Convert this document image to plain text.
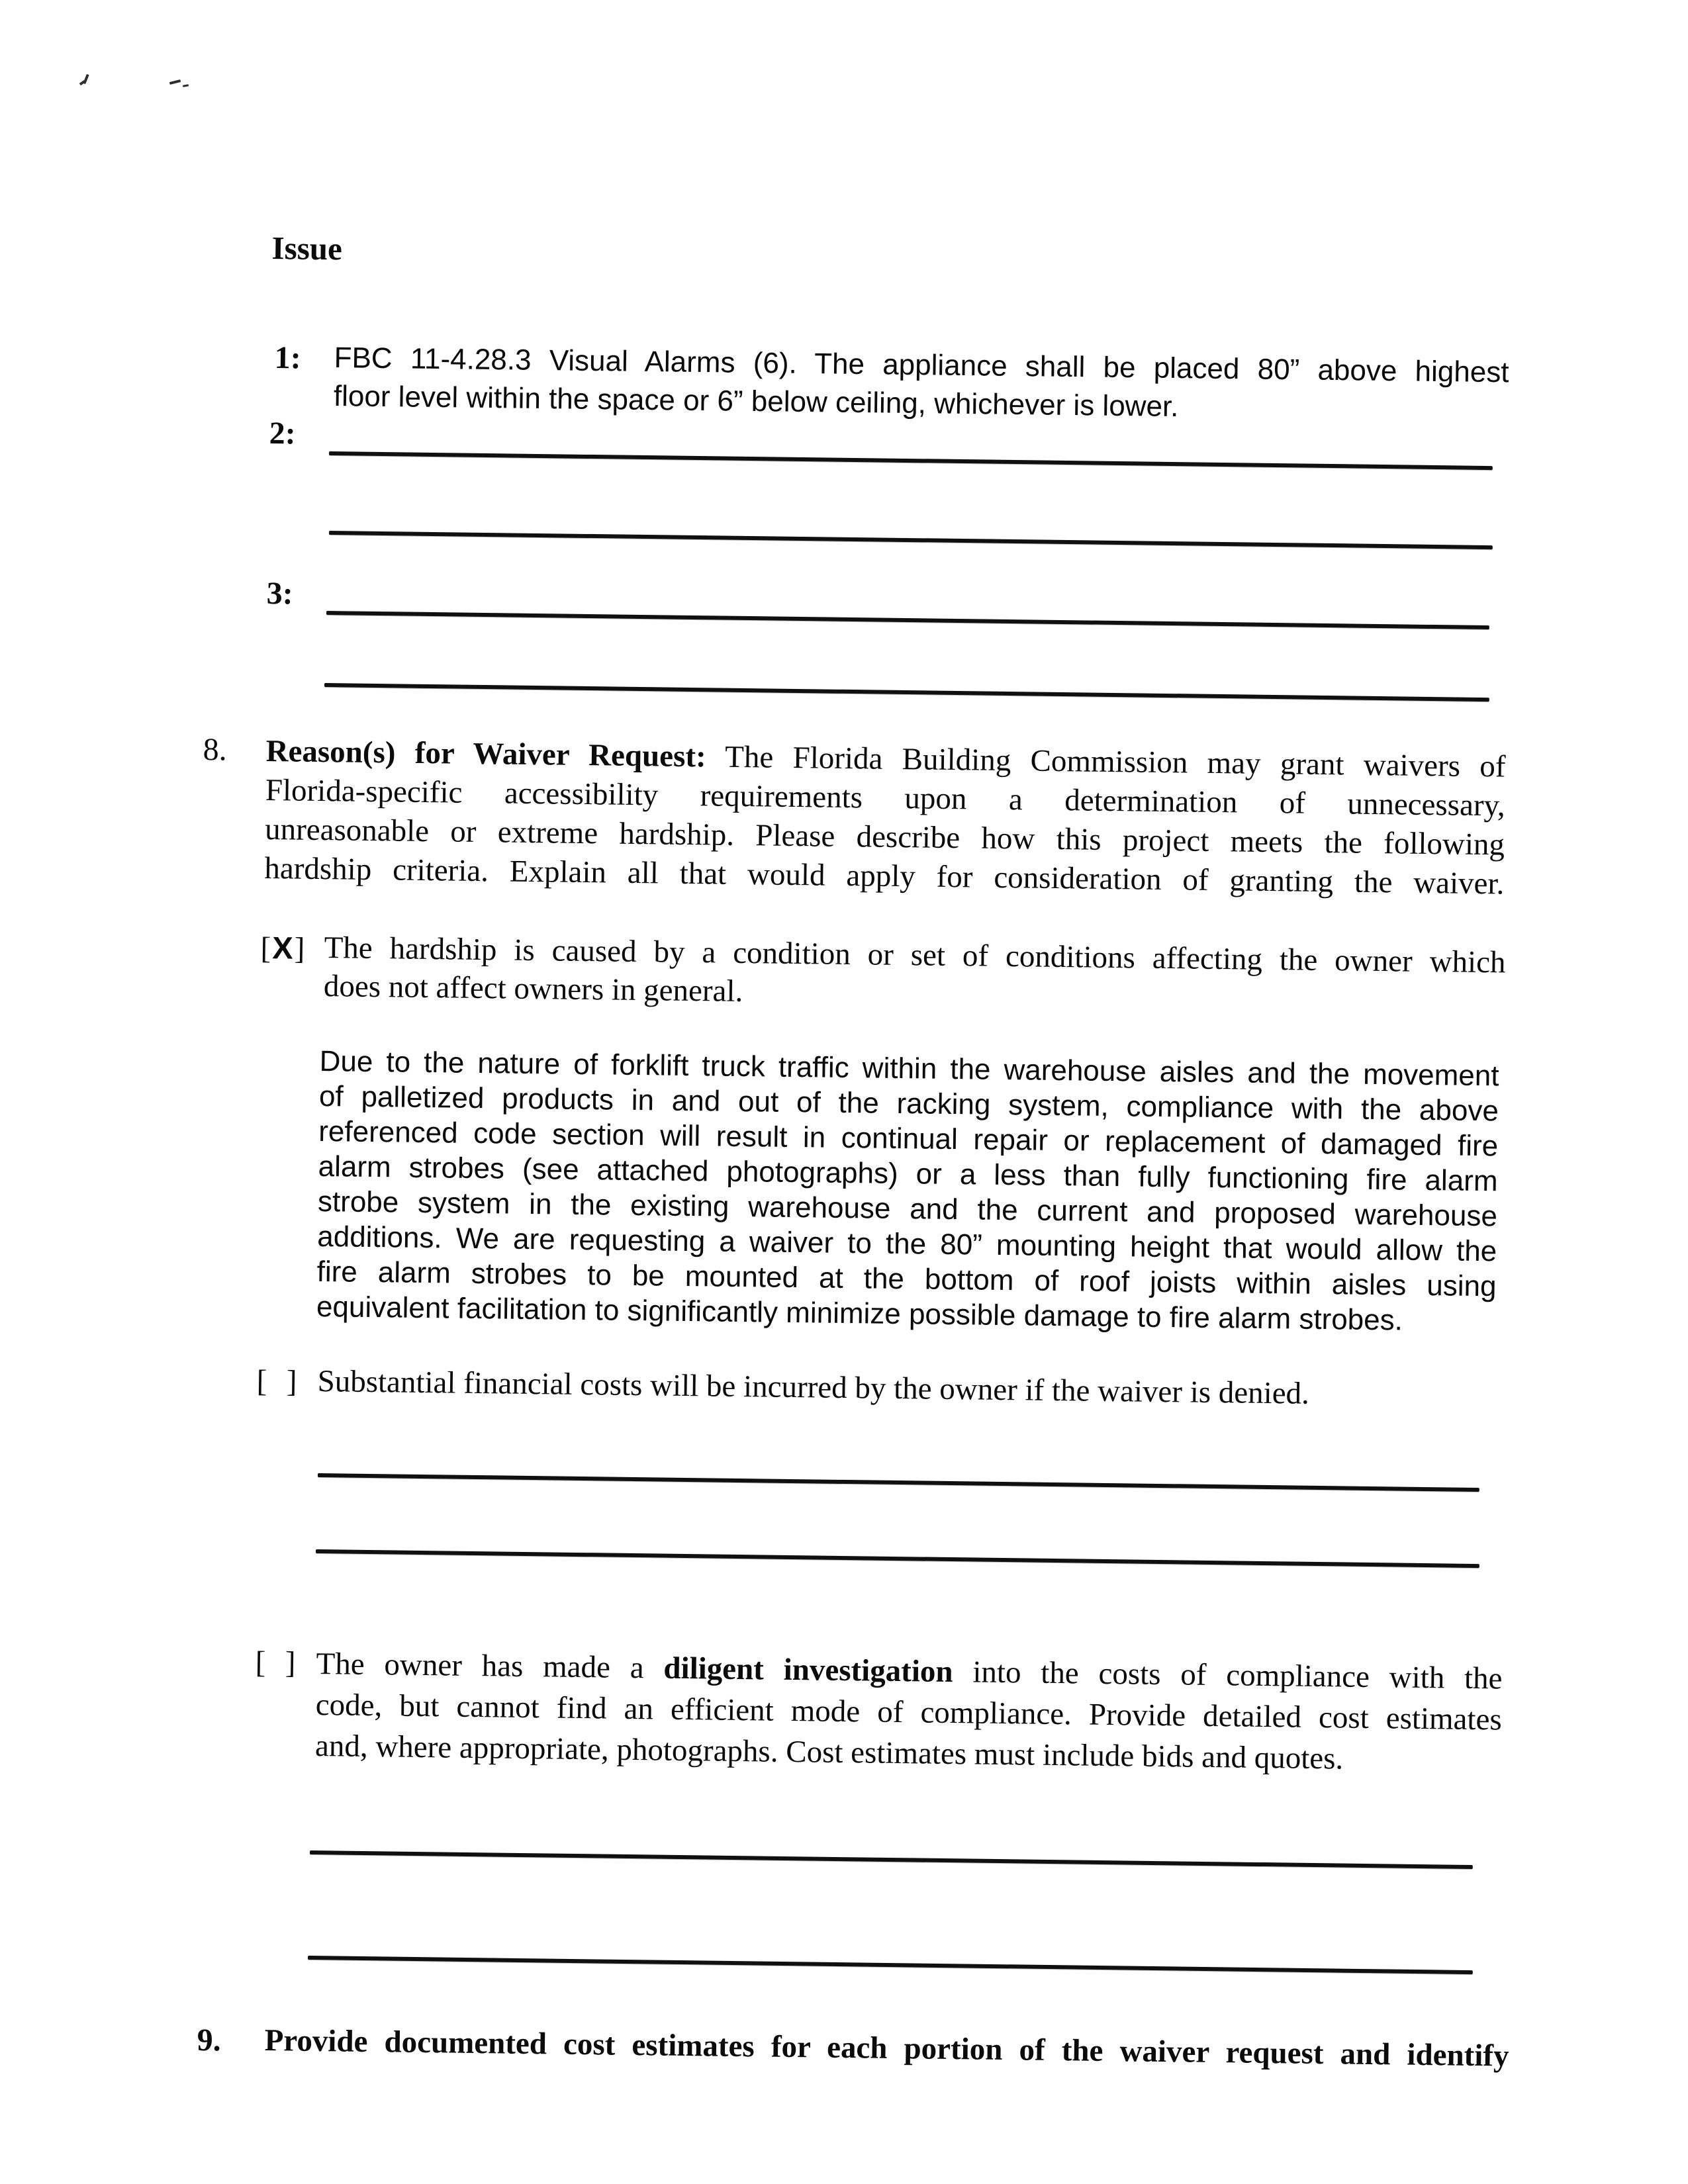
Issue
1: FBC 11-4.28.3 Visual Alarms (6). The appliance shall be placed 80” above highest
floor level within the space or 6” below ceiling, whichever is lower.
2:
3:
8. Reason(s) for Waiver Request: The Florida Building Commission may grant waivers of
Florida-specific accessibility requirements upon a determination of unnecessary,
unreasonable or extreme hardship. Please describe how this project meets the following
hardship criteria. Explain all that would apply for consideration of granting the waiver.
[X] The hardship is caused by a condition or set of conditions affecting the owner which
does not affect owners in general.
Due to the nature of forklift truck traffic within the warehouse aisles and the movement
of palletized products in and out of the racking system, compliance with the above
referenced code section will result in continual repair or replacement of damaged fire
alarm strobes (see attached photographs) or a less than fully functioning fire alarm
strobe system in the existing warehouse and the current and proposed warehouse
additions. We are requesting a waiver to the 80” mounting height that would allow the
fire alarm strobes to be mounted at the bottom of roof joists within aisles using
equivalent facilitation to significantly minimize possible damage to fire alarm strobes.
[  ] Substantial financial costs will be incurred by the owner if the waiver is denied.
[  ] The owner has made a diligent investigation into the costs of compliance with the
code, but cannot find an efficient mode of compliance. Provide detailed cost estimates
and, where appropriate, photographs. Cost estimates must include bids and quotes.
9. Provide documented cost estimates for each portion of the waiver request and identify
